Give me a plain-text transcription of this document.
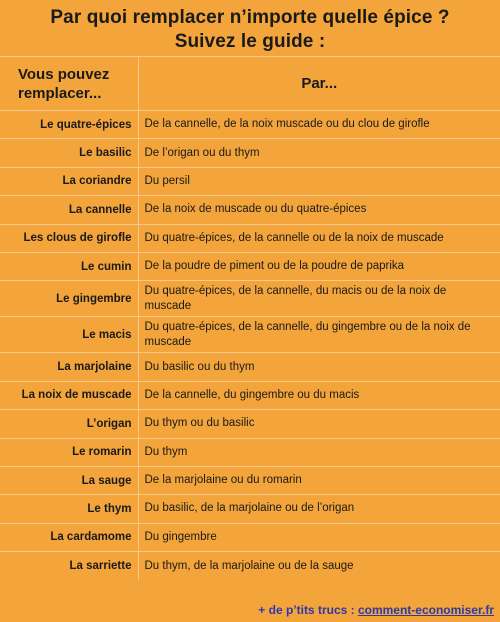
Par quoi remplacer n’importe quelle épice ?
Suivez le guide :
Vous pouvez
remplacer...	Par...
Le quatre-épices	De la cannelle, de la noix muscade ou du clou de girofle
Le basilic	De l’origan ou du thym
La coriandre	Du persil
La cannelle	De la noix de muscade ou du quatre-épices
Les clous de girofle	Du quatre-épices, de la cannelle ou de la noix de muscade
Le cumin	De la poudre de piment ou de la poudre de paprika
Le gingembre	Du quatre-épices, de la cannelle, du macis ou de la noix de muscade
Le macis	Du quatre-épices, de la cannelle, du gingembre ou de la noix de muscade
La marjolaine	Du basilic ou du thym
La noix de muscade	De la cannelle, du gingembre ou du macis
L’origan	Du thym ou du basilic
Le romarin	Du thym
La sauge	De la marjolaine ou du romarin
Le thym	Du basilic, de la marjolaine ou de l’origan
La cardamome	Du gingembre
La sarriette	Du thym, de la marjolaine ou de la sauge
+ de p’tits trucs : comment-economiser.fr
